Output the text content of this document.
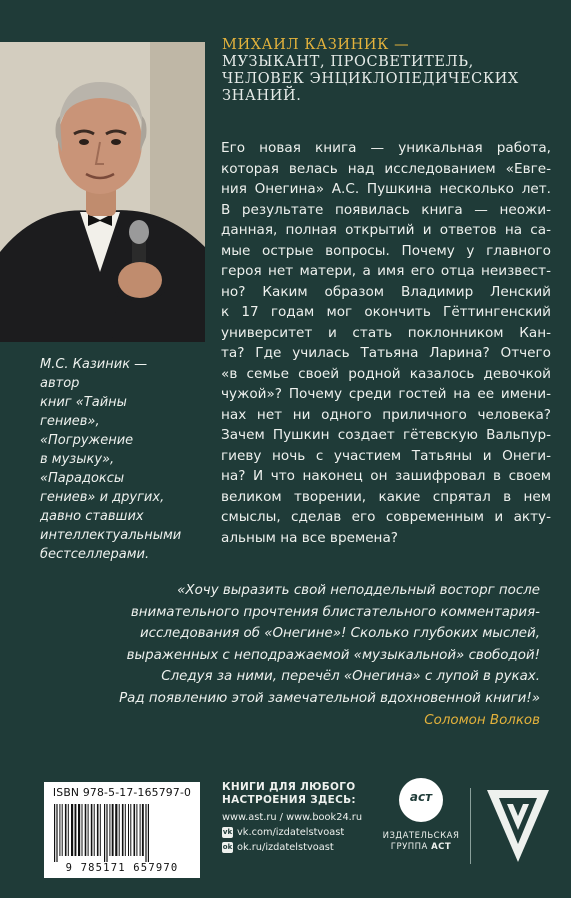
М.С. Казиник — автор
книг «Тайны гениев»,
«Погружение
в музыку»,
«Парадоксы
гениев» и других,
давно ставших
интеллектуальными
бестселлерами.
МИХАИЛ КАЗИНИК —
МУЗЫКАНТ, ПРОСВЕТИТЕЛЬ,
ЧЕЛОВЕК ЭНЦИКЛОПЕДИЧЕСКИХ
ЗНАНИЙ.
Его новая книга — уникальная работа,
которая велась над исследованием «Евге-
ния Онегина» А.С. Пушкина несколько лет.
В результате появилась книга — неожи-
данная, полная открытий и ответов на са-
мые острые вопросы. Почему у главного
героя нет матери, а имя его отца неизвест-
но? Каким образом Владимир Ленский
к 17 годам мог окончить Гёттингенский
университет и стать поклонником Кан-
та? Где училась Татьяна Ларина? Отчего
«в семье своей родной казалось девочкой
чужой»? Почему среди гостей на ее имени-
нах нет ни одного приличного человека?
Зачем Пушкин создает гётевскую Вальпур-
гиеву ночь с участием Татьяны и Онеги-
на? И что наконец он зашифровал в своем
великом творении, какие спрятал в нем
смыслы, сделав его современным и акту-
альным на все времена?
«Хочу выразить свой неподдельный восторг после
внимательного прочтения блистательного комментария-
исследования об «Онегине»! Сколько глубоких мыслей,
выраженных с неподражаемой «музыкальной» свободой!
Следуя за ними, перечёл «Онегина» с лупой в руках.
Рад появлению этой замечательной вдохновенной книги!»
Соломон Волков
ISBN 978-5-17-165797-0
9 785171 657970
КНИГИ ДЛЯ ЛЮБОГО
НАСТРОЕНИЯ ЗДЕСЬ:
www.ast.ru / www.book24.ru
vk vk.com/izdatelstvoast
ok ok.ru/izdatelstvoast
аст
ИЗДАТЕЛЬСКАЯ
ГРУППА АСТ
